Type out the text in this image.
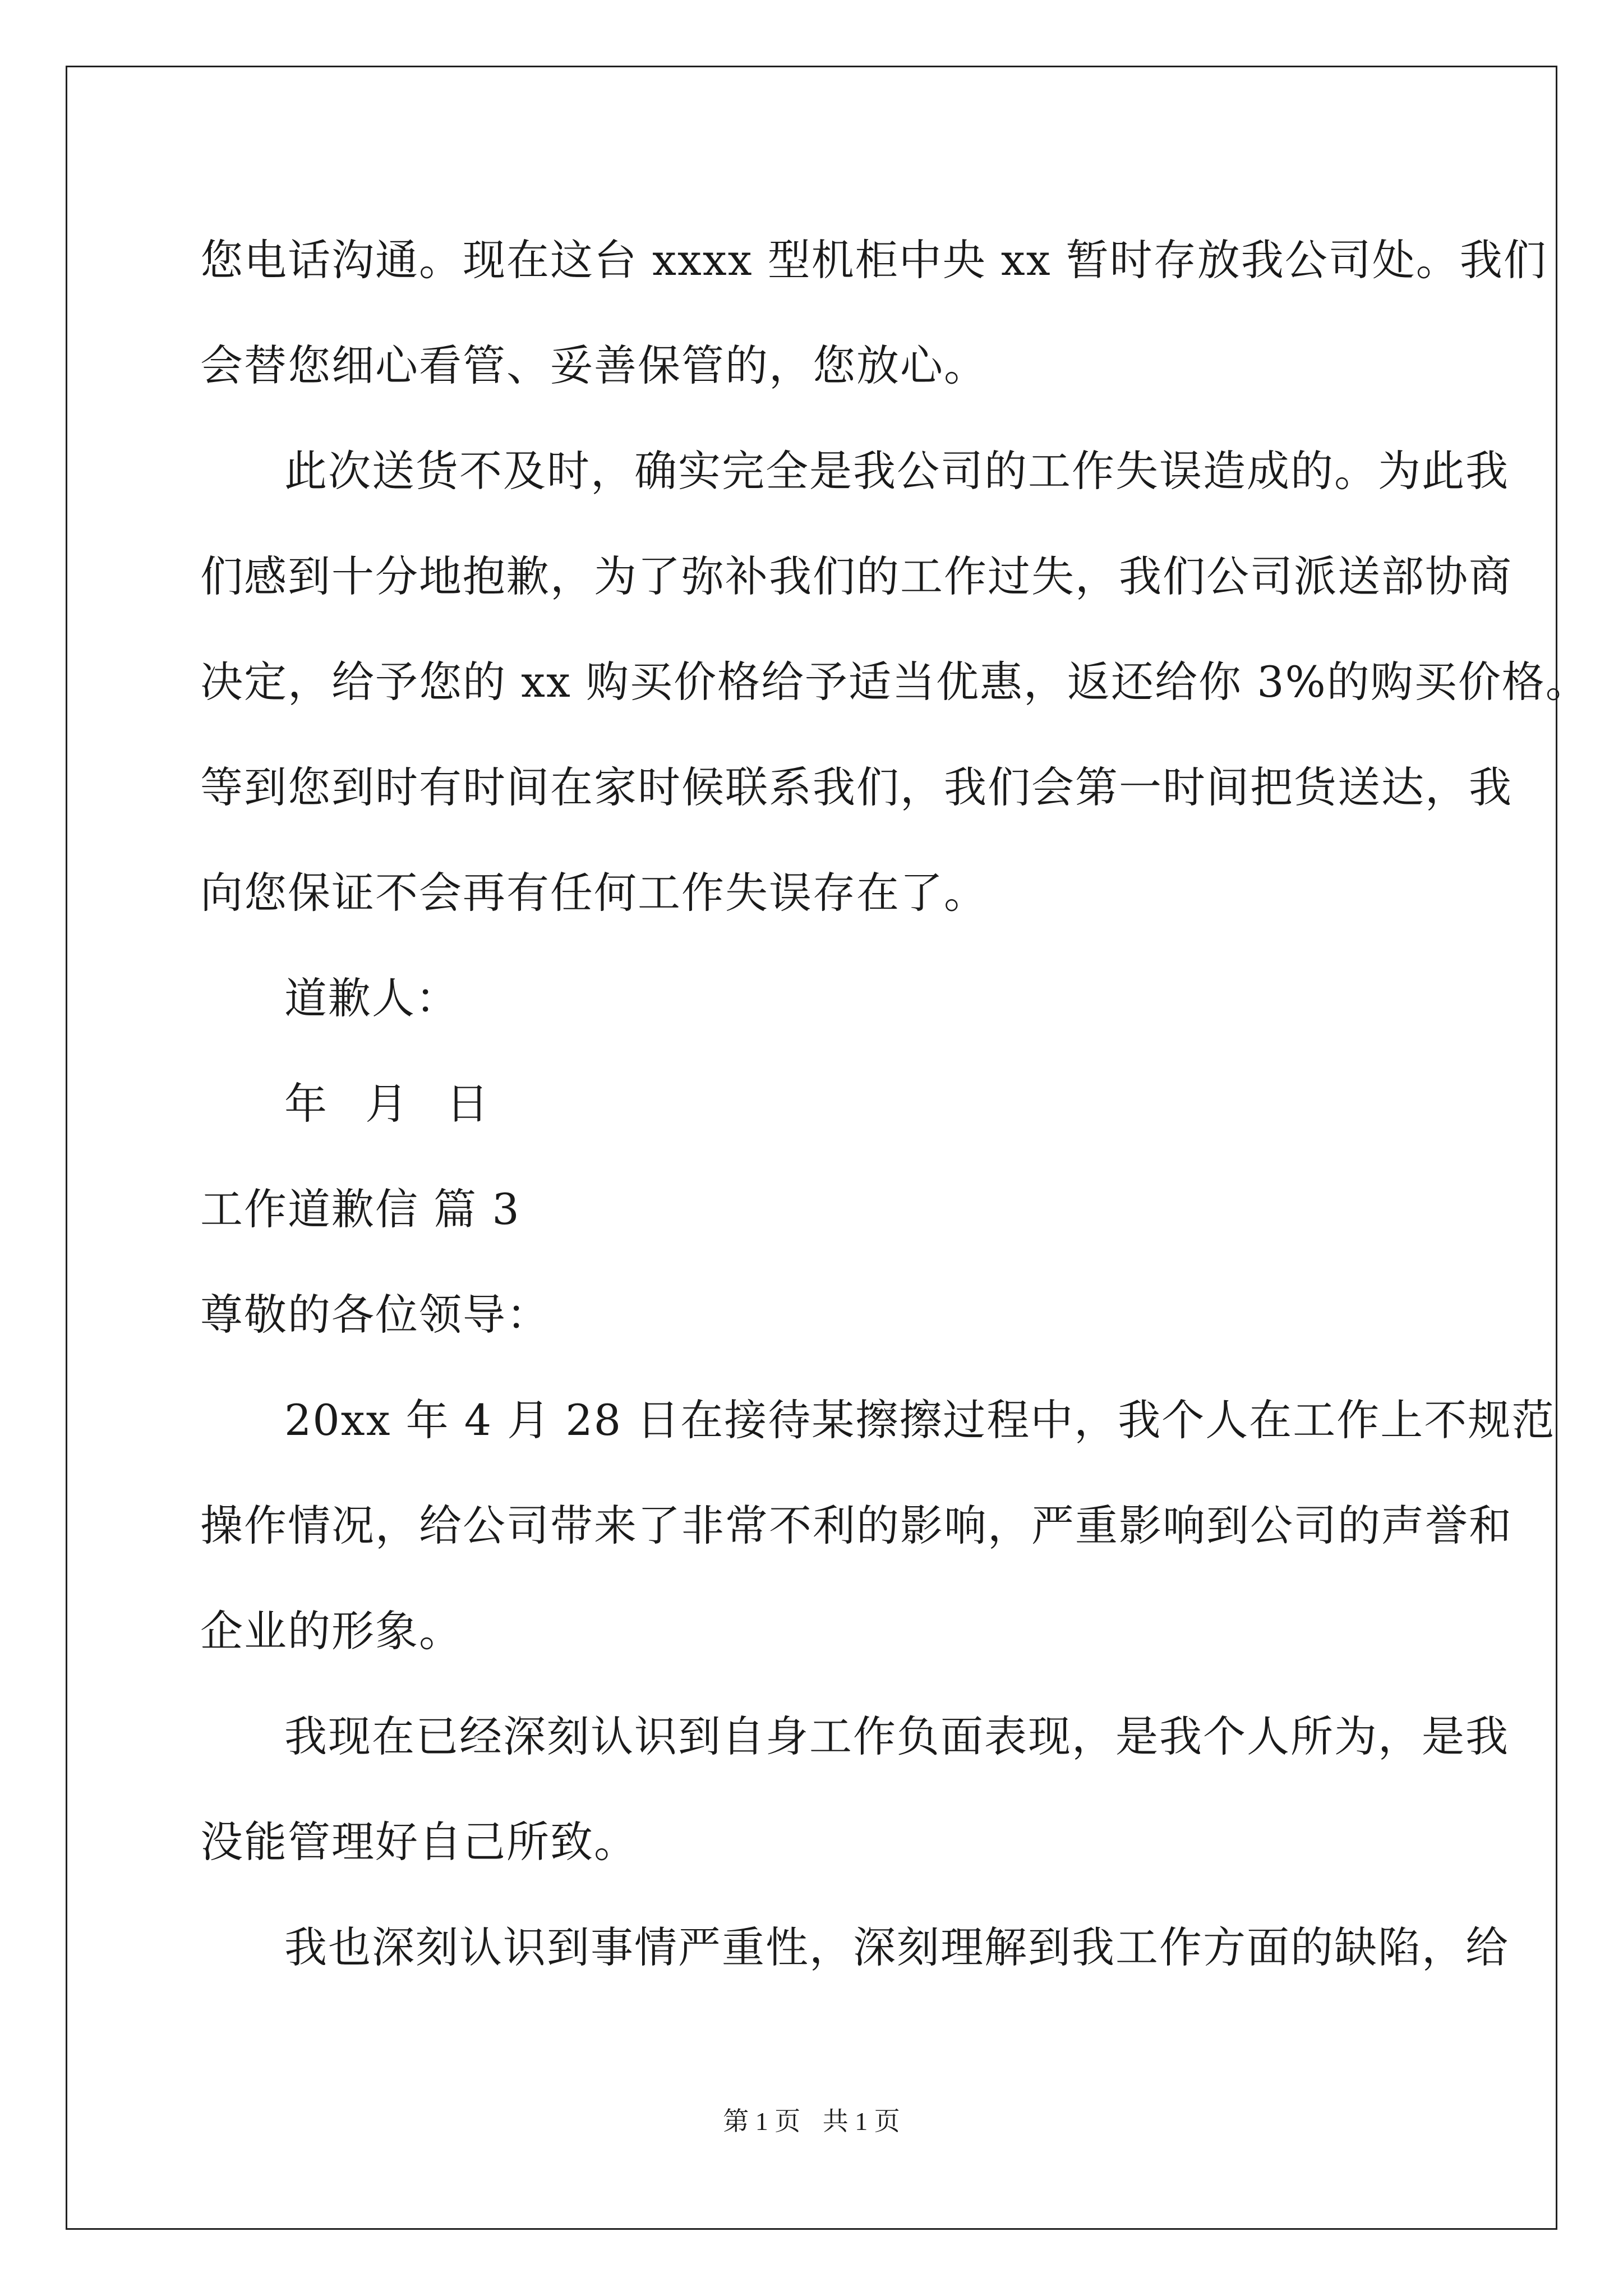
您电话沟通。现在这台 xxxx 型机柜中央 xx 暂时存放我公司处。我们
会替您细心看管、妥善保管的，您放心。
此次送货不及时，确实完全是我公司的工作失误造成的。为此我
们感到十分地抱歉，为了弥补我们的工作过失，我们公司派送部协商
决定，给予您的 xx 购买价格给予适当优惠，返还给你 3%的购买价格。
等到您到时有时间在家时候联系我们，我们会第一时间把货送达，我
向您保证不会再有任何工作失误存在了。
道歉人：
年 月 日
工作道歉信 篇 3
尊敬的各位领导：
20xx 年 4 月 28 日在接待某擦擦过程中，我个人在工作上不规范
操作情况，给公司带来了非常不利的影响，严重影响到公司的声誉和
企业的形象。
我现在已经深刻认识到自身工作负面表现，是我个人所为，是我
没能管理好自己所致。
我也深刻认识到事情严重性，深刻理解到我工作方面的缺陷，给
第 1 页 共 1 页
